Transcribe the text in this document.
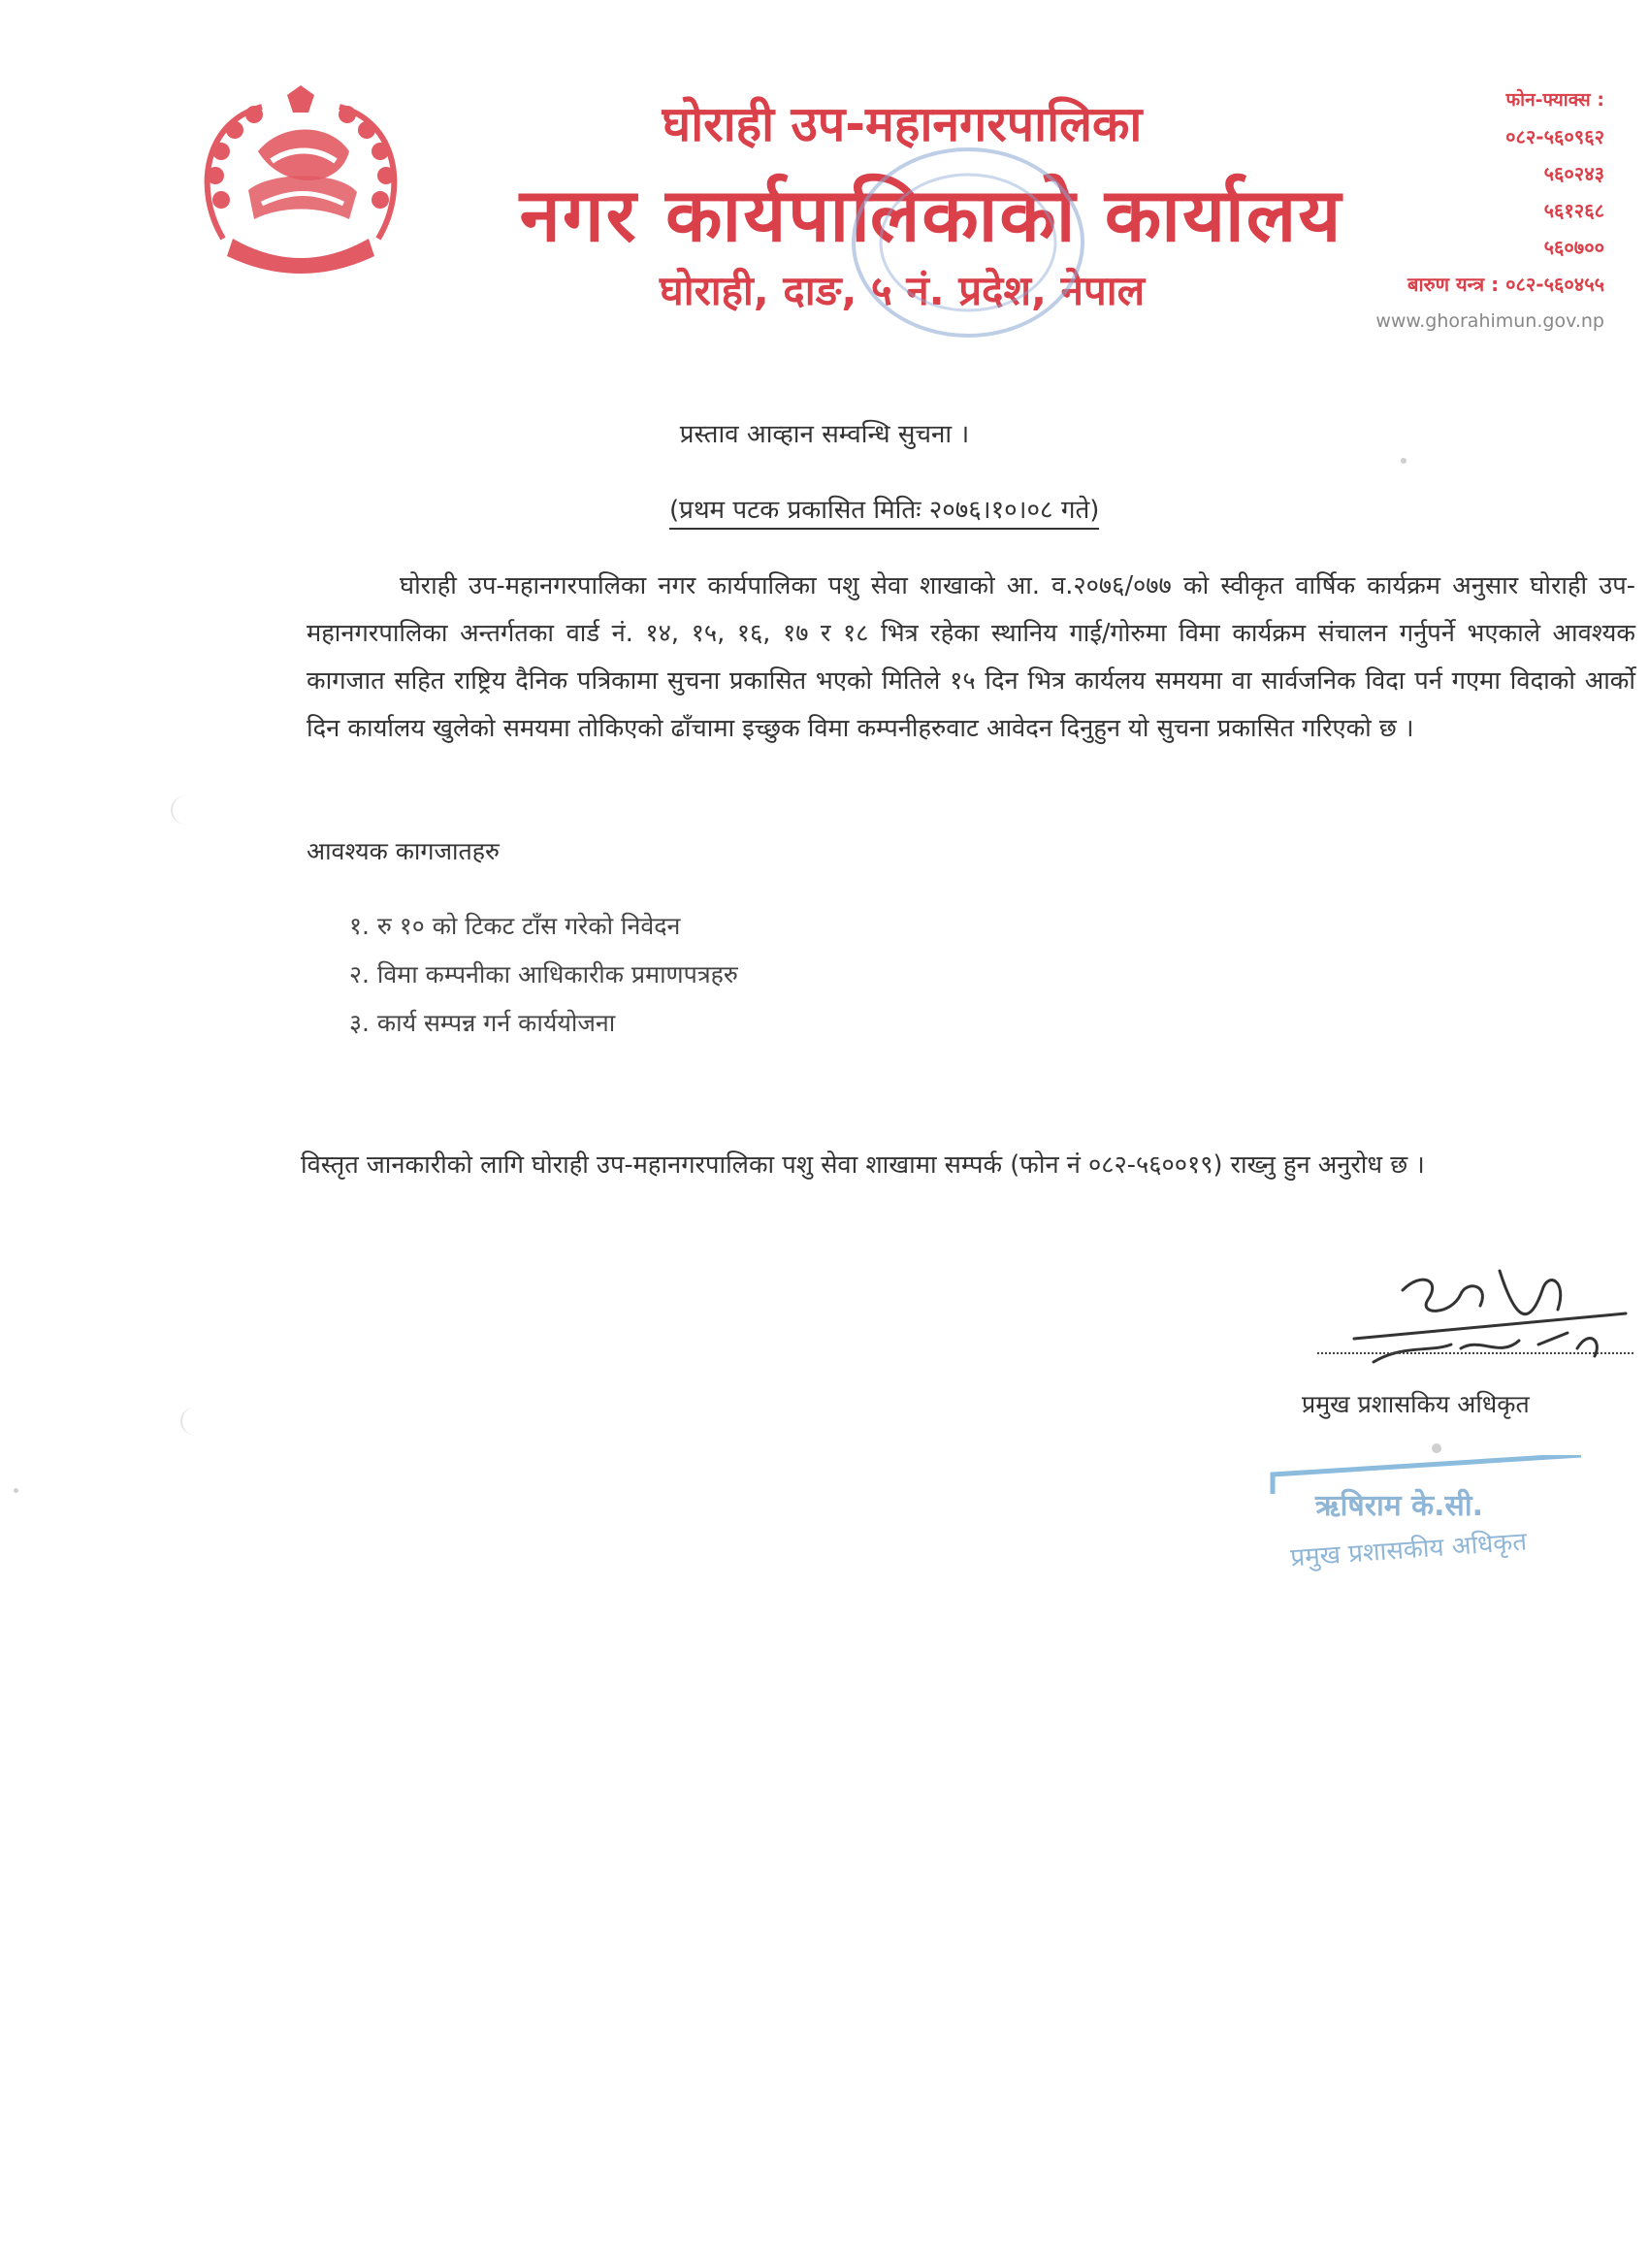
घोराही उप-महानगरपालिका
नगर कार्यपालिकाको कार्यालय
घोराही, दाङ, ५ नं. प्रदेश, नेपाल
फोन-फ्याक्स :
०८२-५६०९६२
५६०२४३
५६१२६८
५६०७००
बारुण यन्त्र : ०८२-५६०४५५
www.ghorahimun.gov.np
प्रस्ताव आव्हान सम्वन्धि सुचना ।
(प्रथम पटक प्रकासित मितिः २०७६।१०।०८ गते)
घोराही उप-महानगरपालिका नगर कार्यपालिका पशु सेवा शाखाको आ. व.२०७६/०७७ को स्वीकृत वार्षिक कार्यक्रम अनुसार घोराही उप-महानगरपालिका अन्तर्गतका वार्ड नं. १४, १५, १६, १७ र १८ भित्र रहेका स्थानिय गाई/गोरुमा विमा कार्यक्रम संचालन गर्नुपर्ने भएकाले आवश्यक कागजात सहित राष्ट्रिय दैनिक पत्रिकामा सुचना प्रकासित भएको मितिले १५ दिन भित्र कार्यलय समयमा वा सार्वजनिक विदा पर्न गएमा विदाको आर्को दिन कार्यालय खुलेको समयमा तोकिएको ढाँचामा इच्छुक विमा कम्पनीहरुवाट आवेदन दिनुहुन यो सुचना प्रकासित गरिएको छ ।
आवश्यक कागजातहरु
१. रु १० को टिकट टाँस गरेको निवेदन
२. विमा कम्पनीका आधिकारीक प्रमाणपत्रहरु
३. कार्य सम्पन्न गर्न कार्ययोजना
विस्तृत जानकारीको लागि घोराही उप-महानगरपालिका पशु सेवा शाखामा सम्पर्क (फोन नं ०८२-५६००१९) राख्नु हुन अनुरोध छ ।
प्रमुख प्रशासकिय अधिकृत
ऋषिराम के.सी.
प्रमुख प्रशासकीय अधिकृत
